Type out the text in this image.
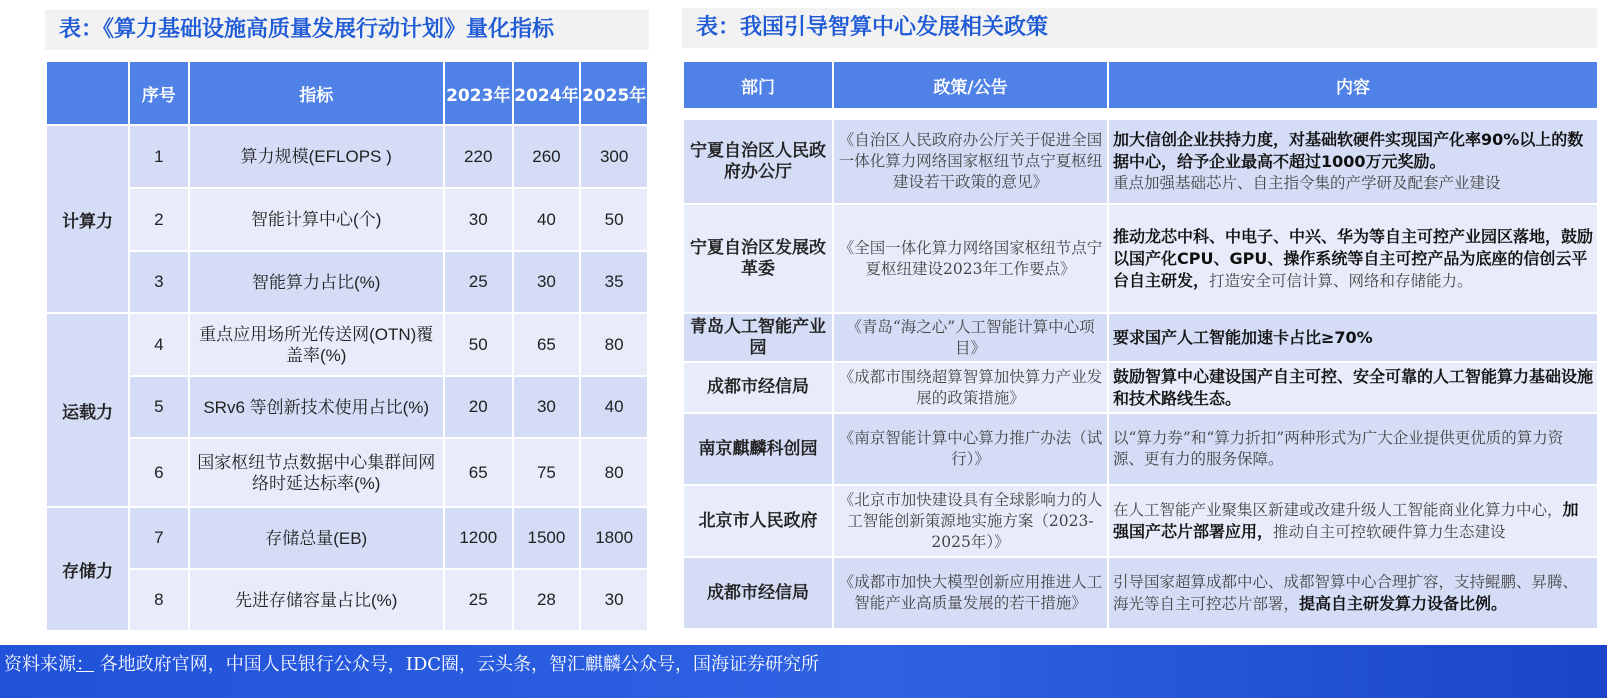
表：《算力基础设施高质量发展行动计划》量化指标
	序号	指标	2023年	2024年	2025年
计算力	1	算力规模(EFLOPS )	220	260	300
	2	智能计算中心(个)	30	40	50
	3	智能算力占比(%)	25	30	35
运载力	4	重点应用场所光传送网(OTN)覆盖率(%)	50	65	80
	5	SRv6 等创新技术使用占比(%)	20	30	40
	6	国家枢纽节点数据中心集群间网络时延达标率(%)	65	75	80
存储力	7	存储总量(EB)	1200	1500	1800
	8	先进存储容量占比(%)	25	28	30
表：我国引导智算中心发展相关政策
部门	政策/公告	内容

宁夏自治区人民政府办公厅	《自治区人民政府办公厅关于促进全国一体化算力网络国家枢纽节点宁夏枢纽建设若干政策的意见》	加大信创企业扶持力度，对基础软硬件实现国产化率90%以上的数据中心，给予企业最高不超过1000万元奖励。
重点加强基础芯片、自主指令集的产学研及配套产业建设
宁夏自治区发展改革委	《全国一体化算力网络国家枢纽节点宁夏枢纽建设2023年工作要点》	推动龙芯中科、中电子、中兴、华为等自主可控产业园区落地，鼓励以国产化CPU、GPU、操作系统等自主可控产品为底座的信创云平台自主研发，打造安全可信计算、网络和存储能力。
青岛人工智能产业园	《青岛“海之心”人工智能计算中心项目》	要求国产人工智能加速卡占比≥70%
成都市经信局	《成都市围绕超算智算加快算力产业发展的政策措施》	鼓励智算中心建设国产自主可控、安全可靠的人工智能算力基础设施和技术路线生态。
南京麒麟科创园	《南京智能计算中心算力推广办法（试行）》	以“算力券”和“算力折扣”两种形式为广大企业提供更优质的算力资源、更有力的服务保障。
北京市人民政府	《北京市加快建设具有全球影响力的人工智能创新策源地实施方案（2023-2025年）》	在人工智能产业聚集区新建或改建升级人工智能商业化算力中心，加强国产芯片部署应用，推动自主可控软硬件算力生态建设
成都市经信局	《成都市加快大模型创新应用推进人工智能产业高质量发展的若干措施》	引导国家超算成都中心、成都智算中心合理扩容，支持鲲鹏、昇腾、海光等自主可控芯片部署，提高自主研发算力设备比例。
资料来源： 各地政府官网，中国人民银行公众号，IDC圈，云头条，智汇麒麟公众号，国海证券研究所
